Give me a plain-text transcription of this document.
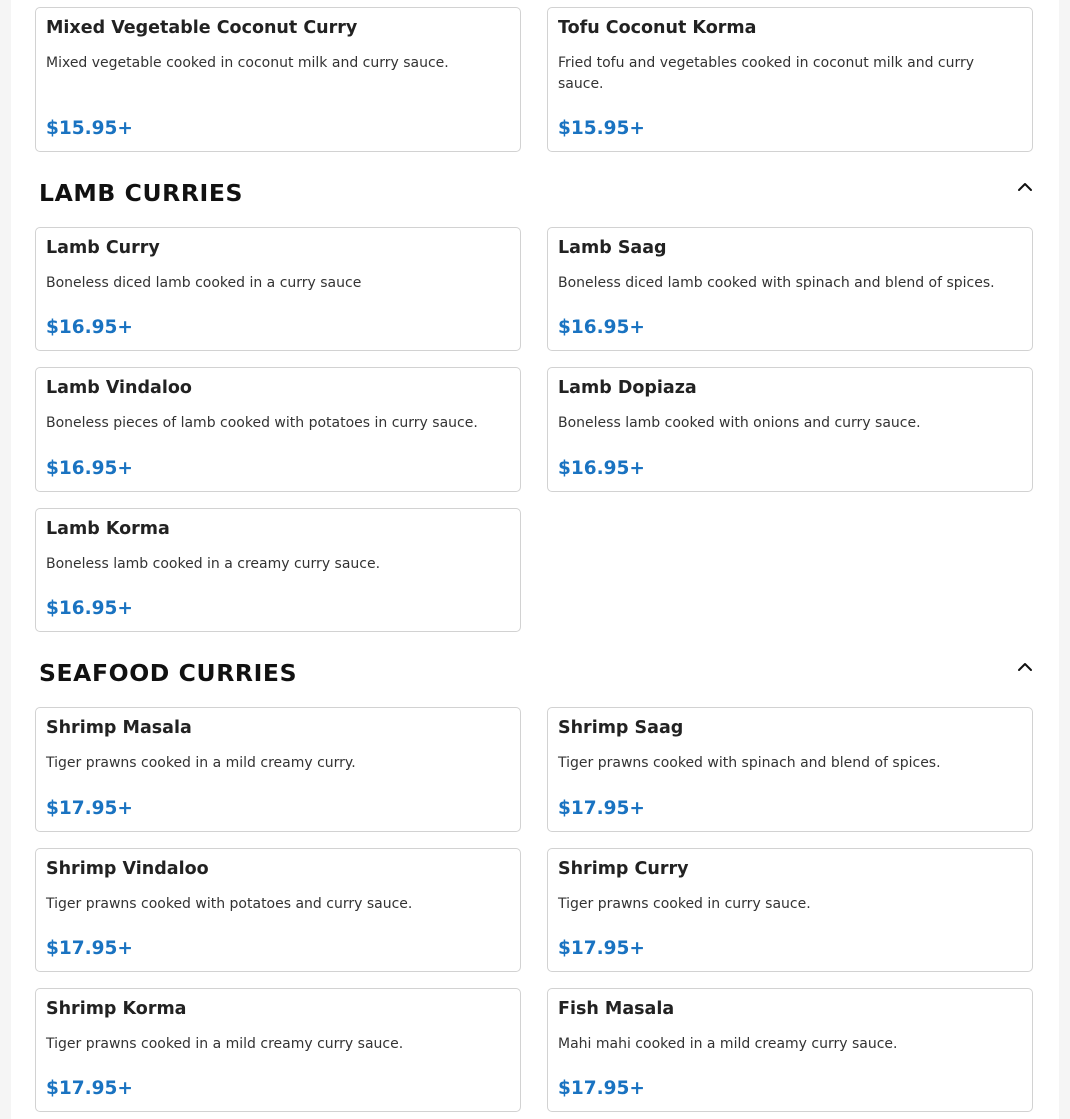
Mixed Vegetable Coconut Curry
Mixed vegetable cooked in coconut milk and curry sauce.
$15.95+
Tofu Coconut Korma
Fried tofu and vegetables cooked in coconut milk and curry sauce.
$15.95+
LAMB CURRIES
Lamb Curry
Boneless diced lamb cooked in a curry sauce
$16.95+
Lamb Saag
Boneless diced lamb cooked with spinach and blend of spices.
$16.95+
Lamb Vindaloo
Boneless pieces of lamb cooked with potatoes in curry sauce.
$16.95+
Lamb Dopiaza
Boneless lamb cooked with onions and curry sauce.
$16.95+
Lamb Korma
Boneless lamb cooked in a creamy curry sauce.
$16.95+
SEAFOOD CURRIES
Shrimp Masala
Tiger prawns cooked in a mild creamy curry.
$17.95+
Shrimp Saag
Tiger prawns cooked with spinach and blend of spices.
$17.95+
Shrimp Vindaloo
Tiger prawns cooked with potatoes and curry sauce.
$17.95+
Shrimp Curry
Tiger prawns cooked in curry sauce.
$17.95+
Shrimp Korma
Tiger prawns cooked in a mild creamy curry sauce.
$17.95+
Fish Masala
Mahi mahi cooked in a mild creamy curry sauce.
$17.95+
